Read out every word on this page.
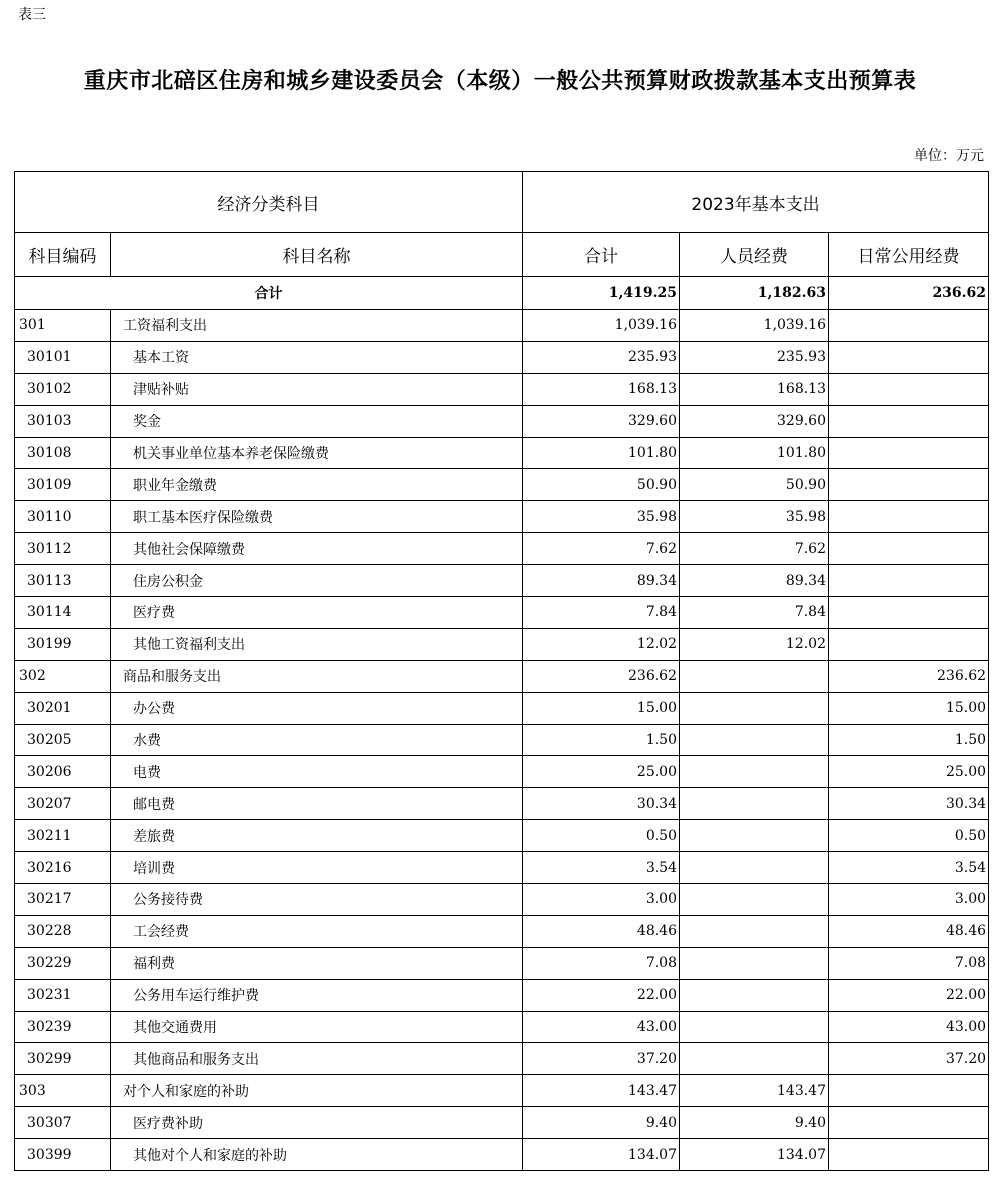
表三
重庆市北碚区住房和城乡建设委员会（本级）一般公共预算财政拨款基本支出预算表
单位：万元
经济分类科目		2023年基本支出		
科目编码	科目名称	合计	人员经费	日常公用经费
合计		1,419.25	1,182.63	236.62
301	工资福利支出	1,039.16	1,039.16	
30101	基本工资	235.93	235.93	
30102	津贴补贴	168.13	168.13	
30103	奖金	329.60	329.60	
30108	机关事业单位基本养老保险缴费	101.80	101.80	
30109	职业年金缴费	50.90	50.90	
30110	职工基本医疗保险缴费	35.98	35.98	
30112	其他社会保障缴费	7.62	7.62	
30113	住房公积金	89.34	89.34	
30114	医疗费	7.84	7.84	
30199	其他工资福利支出	12.02	12.02	
302	商品和服务支出	236.62		236.62
30201	办公费	15.00		15.00
30205	水费	1.50		1.50
30206	电费	25.00		25.00
30207	邮电费	30.34		30.34
30211	差旅费	0.50		0.50
30216	培训费	3.54		3.54
30217	公务接待费	3.00		3.00
30228	工会经费	48.46		48.46
30229	福利费	7.08		7.08
30231	公务用车运行维护费	22.00		22.00
30239	其他交通费用	43.00		43.00
30299	其他商品和服务支出	37.20		37.20
303	对个人和家庭的补助	143.47	143.47	
30307	医疗费补助	9.40	9.40	
30399	其他对个人和家庭的补助	134.07	134.07	
